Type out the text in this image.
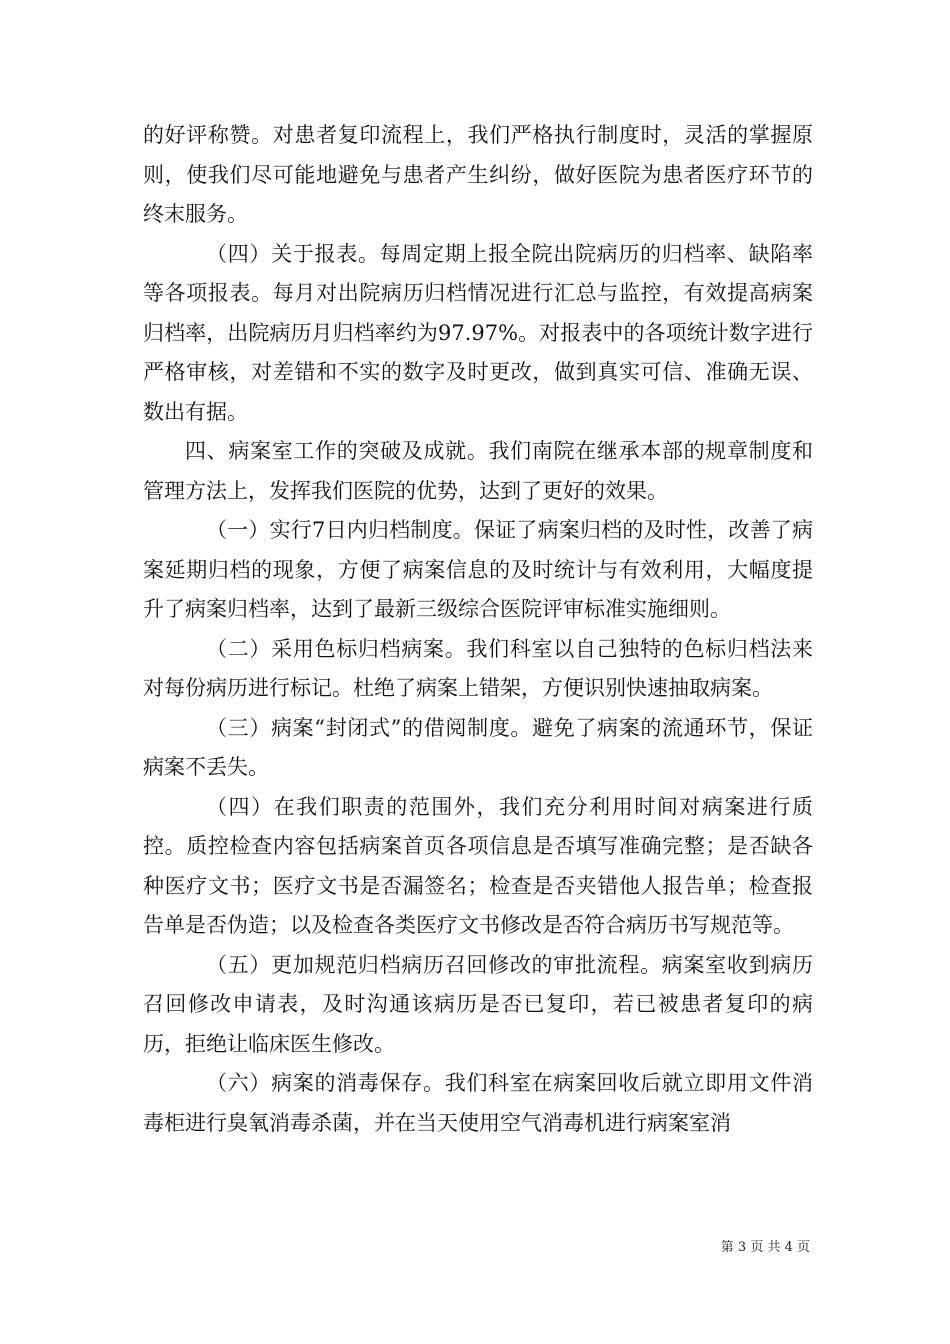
的好评称赞。对患者复印流程上，我们严格执行制度时，灵活的掌握原则，使我们尽可能地避免与患者产生纠纷，做好医院为患者医疗环节的终末服务。

（四）关于报表。每周定期上报全院出院病历的归档率、缺陷率等各项报表。每月对出院病历归档情况进行汇总与监控，有效提高病案归档率，出院病历月归档率约为97.97%。对报表中的各项统计数字进行严格审核，对差错和不实的数字及时更改，做到真实可信、准确无误、数出有据。

四、病案室工作的突破及成就。我们南院在继承本部的规章制度和管理方法上，发挥我们医院的优势，达到了更好的效果。

（一）实行7日内归档制度。保证了病案归档的及时性，改善了病案延期归档的现象，方便了病案信息的及时统计与有效利用，大幅度提升了病案归档率，达到了最新三级综合医院评审标准实施细则。

（二）采用色标归档病案。我们科室以自己独特的色标归档法来对每份病历进行标记。杜绝了病案上错架，方便识别快速抽取病案。

（三）病案“封闭式”的借阅制度。避免了病案的流通环节，保证病案不丢失。

（四）在我们职责的范围外，我们充分利用时间对病案进行质控。质控检查内容包括病案首页各项信息是否填写准确完整；是否缺各种医疗文书；医疗文书是否漏签名；检查是否夹错他人报告单；检查报告单是否伪造；以及检查各类医疗文书修改是否符合病历书写规范等。

（五）更加规范归档病历召回修改的审批流程。病案室收到病历召回修改申请表，及时沟通该病历是否已复印，若已被患者复印的病历，拒绝让临床医生修改。

（六）病案的消毒保存。我们科室在病案回收后就立即用文件消毒柜进行臭氧消毒杀菌，并在当天使用空气消毒机进行病案室消

第 3 页 共 4 页
